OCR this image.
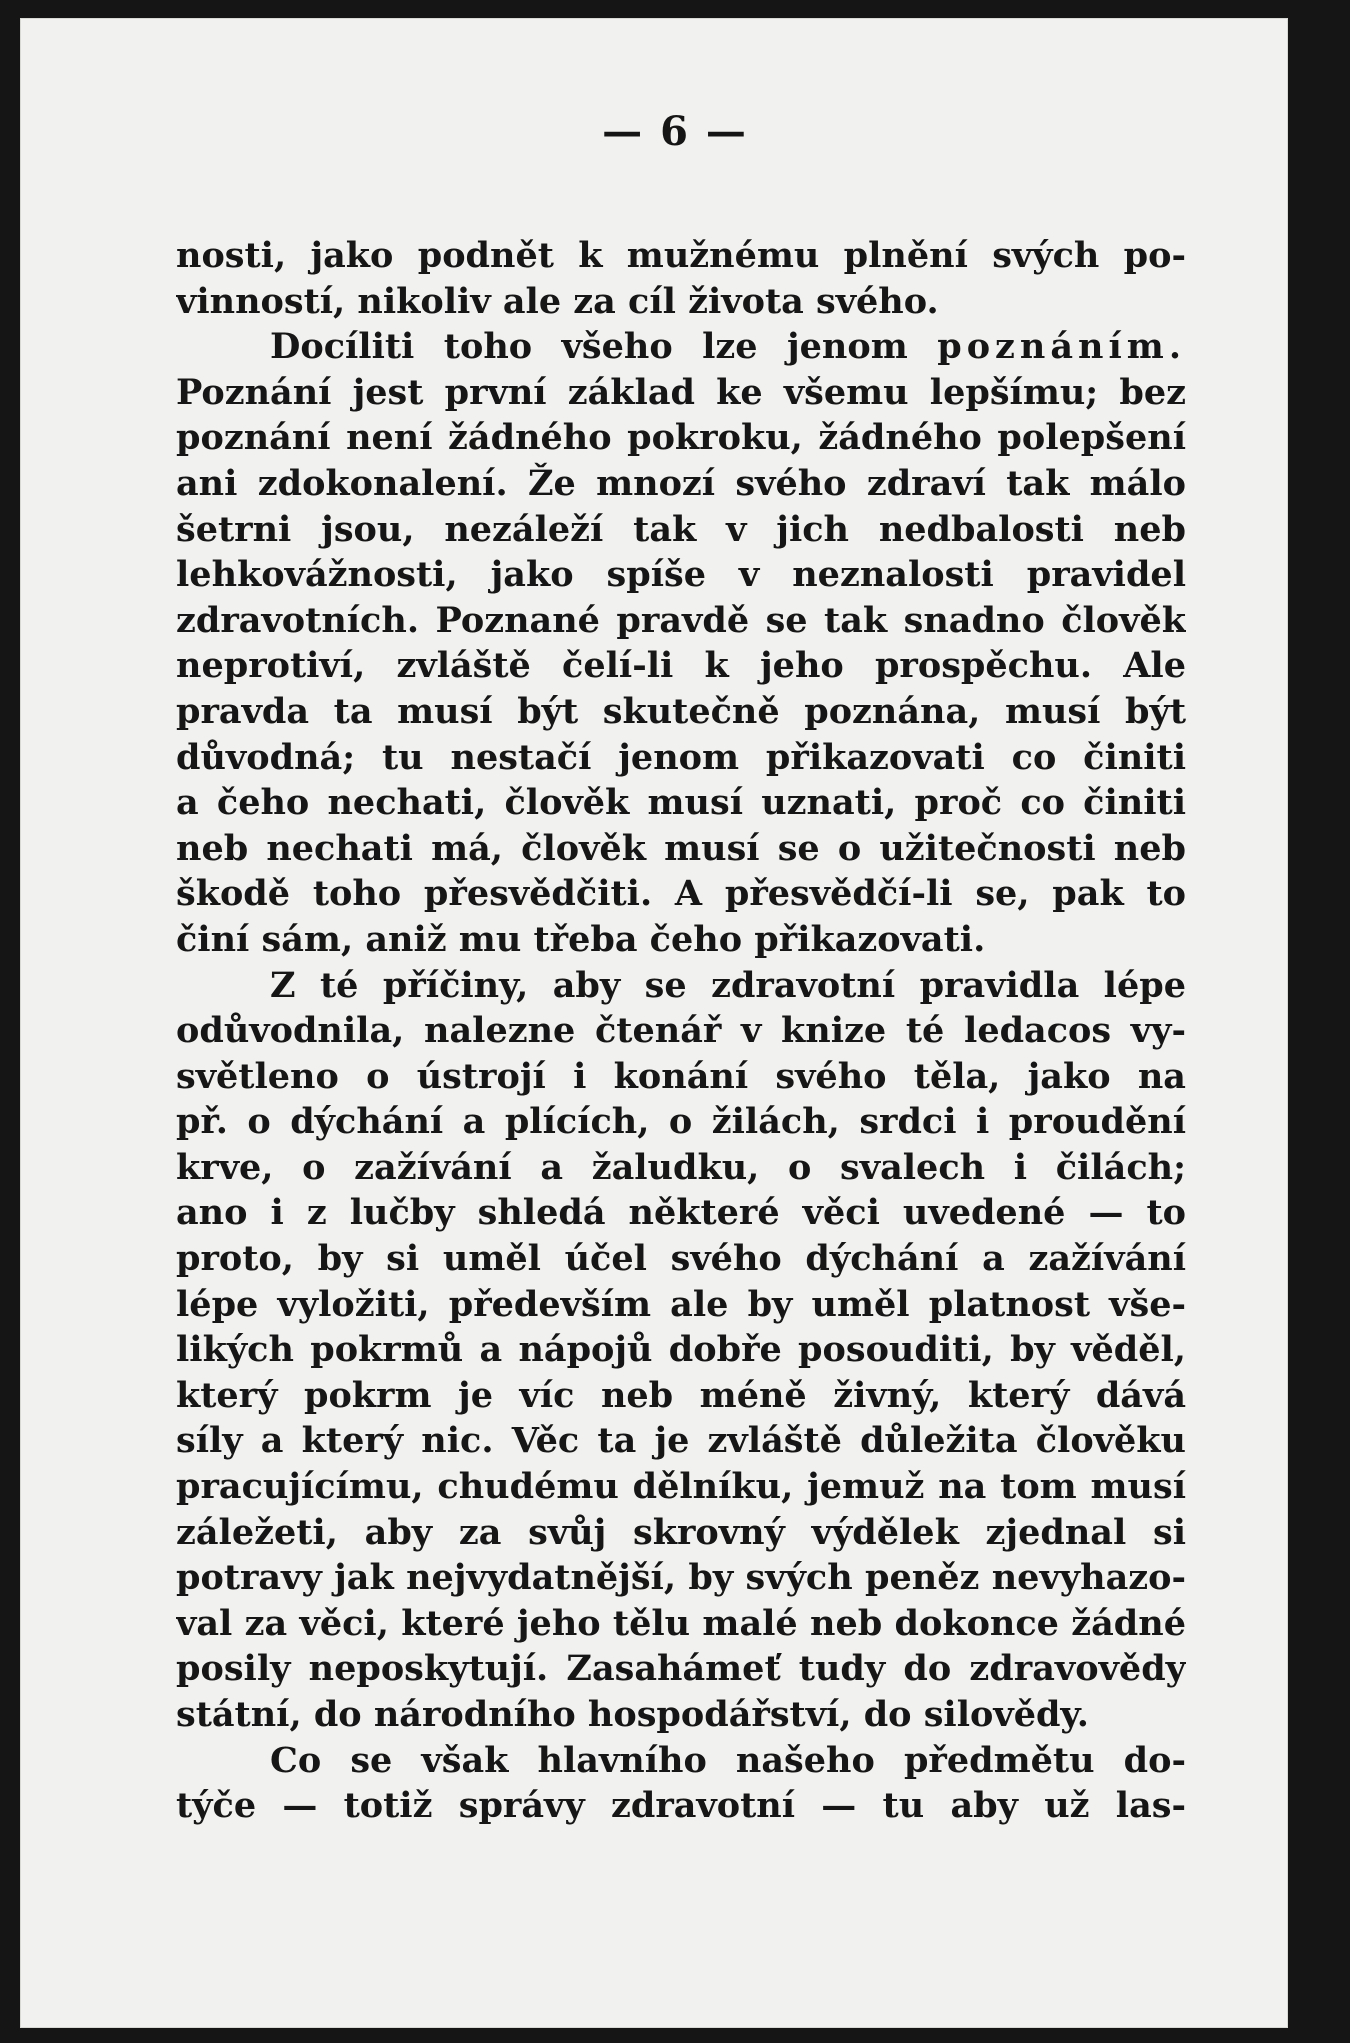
— 6 —
nosti, jako podnět k mužnému plnění svých po-
vinností, nikoliv ale za cíl života svého.
Docíliti toho všeho lze jenom poznáním.
Poznání jest první základ ke všemu lepšímu; bez
poznání není žádného pokroku, žádného polepšení
ani zdokonalení. Že mnozí svého zdraví tak málo
šetrni jsou, nezáleží tak v jich nedbalosti neb
lehkovážnosti, jako spíše v neznalosti pravidel
zdravotních. Poznané pravdě se tak snadno člověk
neprotiví, zvláště čelí-li k jeho prospěchu. Ale
pravda ta musí být skutečně poznána, musí být
důvodná; tu nestačí jenom přikazovati co činiti
a čeho nechati, člověk musí uznati, proč co činiti
neb nechati má, člověk musí se o užitečnosti neb
škodě toho přesvědčiti. A přesvědčí-li se, pak to
činí sám, aniž mu třeba čeho přikazovati.
Z té příčiny, aby se zdravotní pravidla lépe
odůvodnila, nalezne čtenář v knize té ledacos vy-
světleno o ústrojí i konání svého těla, jako na
př. o dýchání a plících, o žilách, srdci i proudění
krve, o zažívání a žaludku, o svalech i čilách;
ano i z lučby shledá některé věci uvedené — to
proto, by si uměl účel svého dýchání a zažívání
lépe vyložiti, především ale by uměl platnost vše-
likých pokrmů a nápojů dobře posouditi, by věděl,
který pokrm je víc neb méně živný, který dává
síly a který nic. Věc ta je zvláště důležita člověku
pracujícímu, chudému dělníku, jemuž na tom musí
záležeti, aby za svůj skrovný výdělek zjednal si
potravy jak nejvydatnější, by svých peněz nevyhazo-
val za věci, které jeho tělu malé neb dokonce žádné
posily neposkytují. Zasahámeť tudy do zdravovědy
státní, do národního hospodářství, do silovědy.
Co se však hlavního našeho předmětu do-
týče — totiž správy zdravotní — tu aby už las-
